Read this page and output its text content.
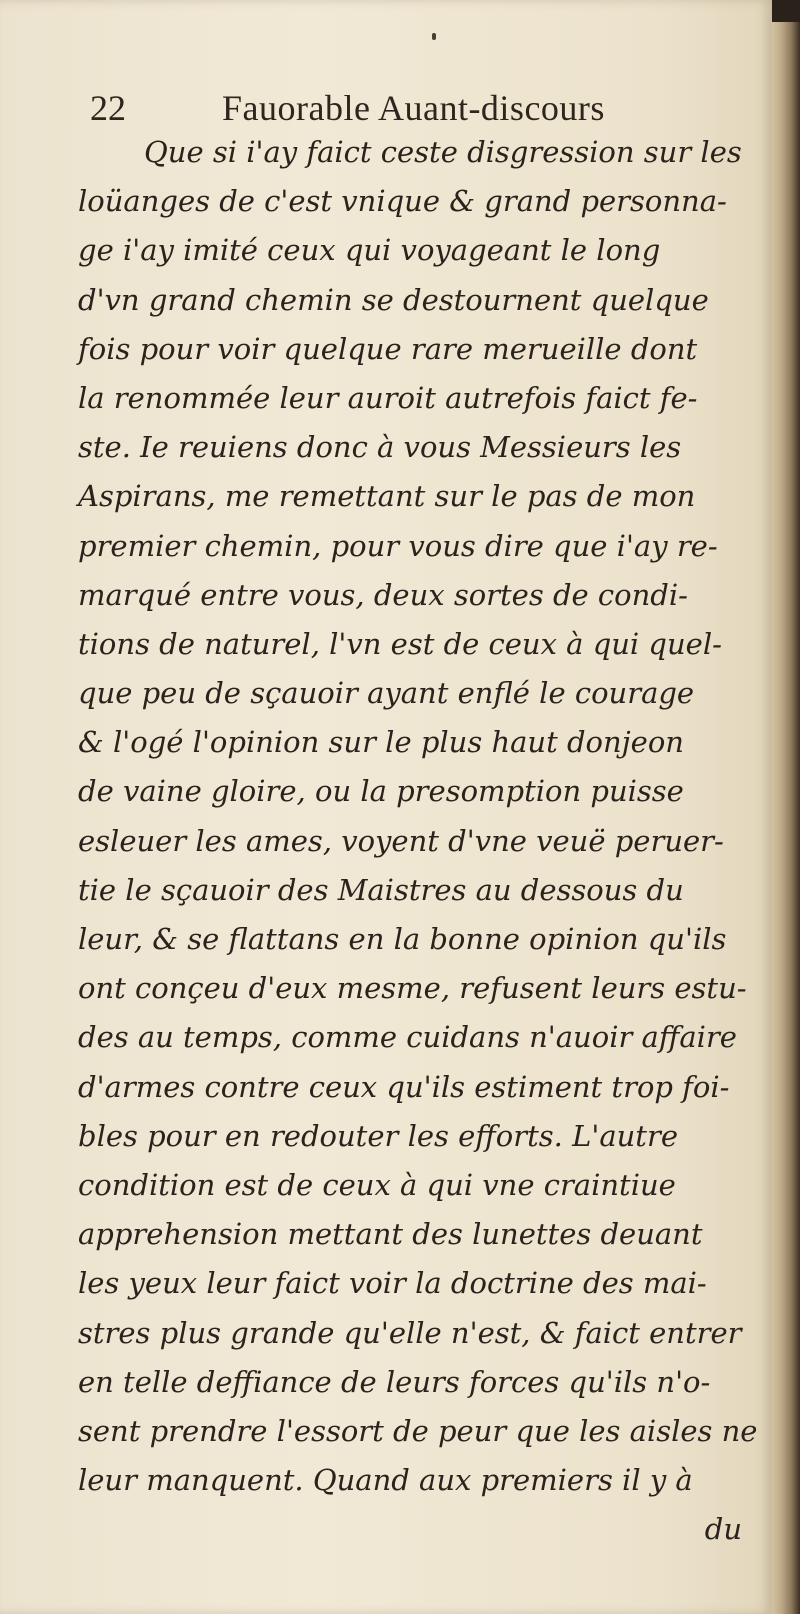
22	Fauorable Auant-discours
Que si i'ay faict ceste disgression sur les
loüanges de c'est vnique & grand personna-
ge i'ay imité ceux qui voyageant le long
d'vn grand chemin se destournent quelque
fois pour voir quelque rare merueille dont
la renommée leur auroit autrefois faict fe-
ste. Ie reuiens donc à vous Messieurs les
Aspirans, me remettant sur le pas de mon
premier chemin, pour vous dire que i'ay re-
marqué entre vous, deux sortes de condi-
tions de naturel, l'vn est de ceux à qui quel-
que peu de sçauoir ayant enflé le courage
& l'ogé l'opinion sur le plus haut donjeon
de vaine gloire, ou la presomption puisse
esleuer les ames, voyent d'vne veuë peruer-
tie le sçauoir des Maistres au dessous du
leur, & se flattans en la bonne opinion qu'ils
ont conçeu d'eux mesme, refusent leurs estu-
des au temps, comme cuidans n'auoir affaire
d'armes contre ceux qu'ils estiment trop foi-
bles pour en redouter les efforts. L'autre
condition est de ceux à qui vne craintiue
apprehension mettant des lunettes deuant
les yeux leur faict voir la doctrine des mai-
stres plus grande qu'elle n'est, & faict entrer
en telle deffiance de leurs forces qu'ils n'o-
sent prendre l'essort de peur que les aisles ne
leur manquent. Quand aux premiers il y à
du
